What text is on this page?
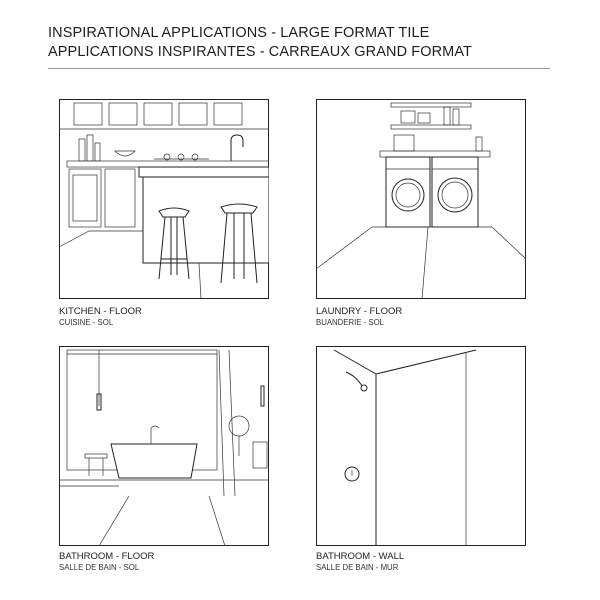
INSPIRATIONAL APPLICATIONS - LARGE FORMAT TILE
APPLICATIONS INSPIRANTES - CARREAUX GRAND FORMAT
KITCHEN - FLOOR
CUISINE - SOL
LAUNDRY - FLOOR
BUANDERIE - SOL
BATHROOM - FLOOR
SALLE DE BAIN - SOL
BATHROOM - WALL
SALLE DE BAIN - MUR
